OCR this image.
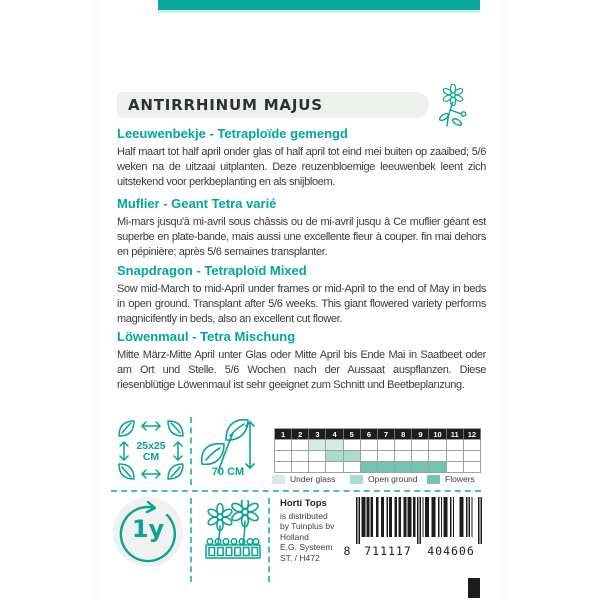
ANTIRRHINUM MAJUS
Leeuwenbekje - Tetraploïde gemengd

Half maart tot half april onder glas of half april tot eind mei buiten op zaaibed; 5/6 weken na de uitzaai uitplanten. Deze reuzenbloemige leeuwenbek leent zich uitstekend voor perkbeplanting en als snijbloem.

Muflier - Geant Tetra varié

Mi-mars jusqu'à mi-avril sous châssis ou de mi-avril jusqu à Ce muflier géant est superbe en plate-bande, mais aussi une excellente fleur à couper. fin mai dehors en pépinière; après 5/6 semaines transplanter.

Snapdragon - Tetraploïd Mixed

Sow mid-March to mid-April under frames or mid-April to the end of May in beds in open ground. Transplant after 5/6 weeks. This giant flowered variety performs magnicifently in beds, also an excellent cut flower.

Löwenmaul - Tetra Mischung

Mitte März-Mitte April unter Glas oder Mitte April bis Ende Mai in Saatbeet oder am Ort und Stelle. 5/6 Wochen nach der Aussaat auspflanzen. Diese riesenblütige Löwenmaul ist sehr geeignet zum Schnitt und Beetbeplanzung.

25x25
CM
70 CM
1y
1	2	3	4	5	6	7	8	9	10	11	12
Under glass	Open ground	Flowers
Horti Tops
is distributed
by Tuinplus bv
Holland
E.G. Systeem
ST. / H472	8	711117	404606
